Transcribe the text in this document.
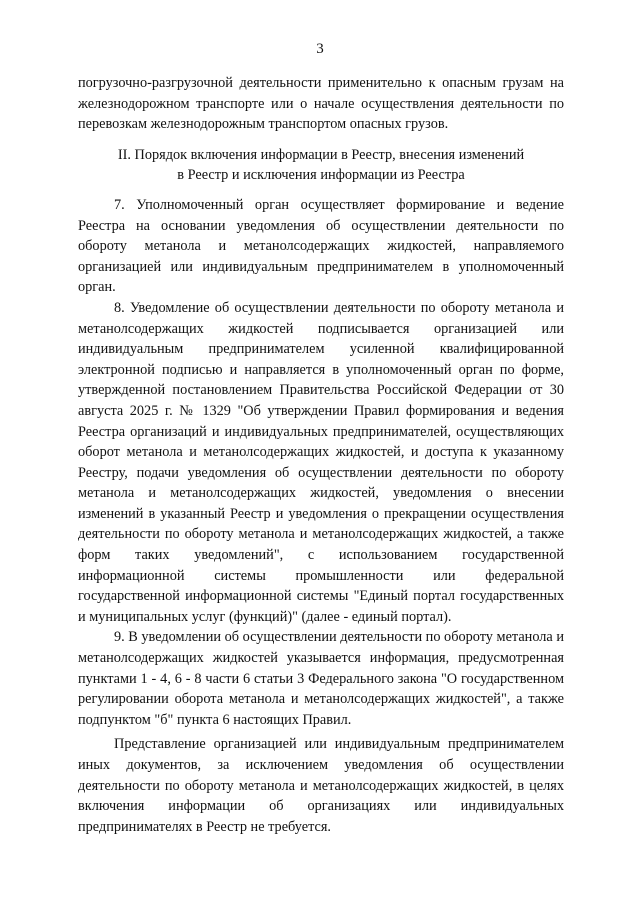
3

погрузочно-разгрузочной деятельности применительно к опасным грузам на железнодорожном транспорте или о начале осуществления деятельности по перевозкам железнодорожным транспортом опасных грузов.

II. Порядок включения информации в Реестр, внесения изменений
в Реестр и исключения информации из Реестра

7. Уполномоченный орган осуществляет формирование и ведение Реестра на основании уведомления об осуществлении деятельности по обороту метанола и метанолсодержащих жидкостей, направляемого организацией или индивидуальным предпринимателем в уполномоченный орган.

8. Уведомление об осуществлении деятельности по обороту метанола и метанолсодержащих жидкостей подписывается организацией или индивидуальным предпринимателем усиленной квалифицированной электронной подписью и направляется в уполномоченный орган по форме, утвержденной постановлением Правительства Российской Федерации от 30 августа 2025 г. № 1329 "Об утверждении Правил формирования и ведения Реестра организаций и индивидуальных предпринимателей, осуществляющих оборот метанола и метанолсодержащих жидкостей, и доступа к указанному Реестру, подачи уведомления об осуществлении деятельности по обороту метанола и метанолсодержащих жидкостей, уведомления о внесении изменений в указанный Реестр и уведомления о прекращении осуществления деятельности по обороту метанола и метанолсодержащих жидкостей, а также форм таких уведомлений", с использованием государственной информационной системы промышленности или федеральной государственной информационной системы "Единый портал государственных и муниципальных услуг (функций)" (далее - единый портал).

9. В уведомлении об осуществлении деятельности по обороту метанола и метанолсодержащих жидкостей указывается информация, предусмотренная пунктами 1 - 4, 6 - 8 части 6 статьи 3 Федерального закона "О государственном регулировании оборота метанола и метанолсодержащих жидкостей", а также подпунктом "б" пункта 6 настоящих Правил.

Представление организацией или индивидуальным предпринимателем иных документов, за исключением уведомления об осуществлении деятельности по обороту метанола и метанолсодержащих жидкостей, в целях включения информации об организациях или индивидуальных предпринимателях в Реестр не требуется.
